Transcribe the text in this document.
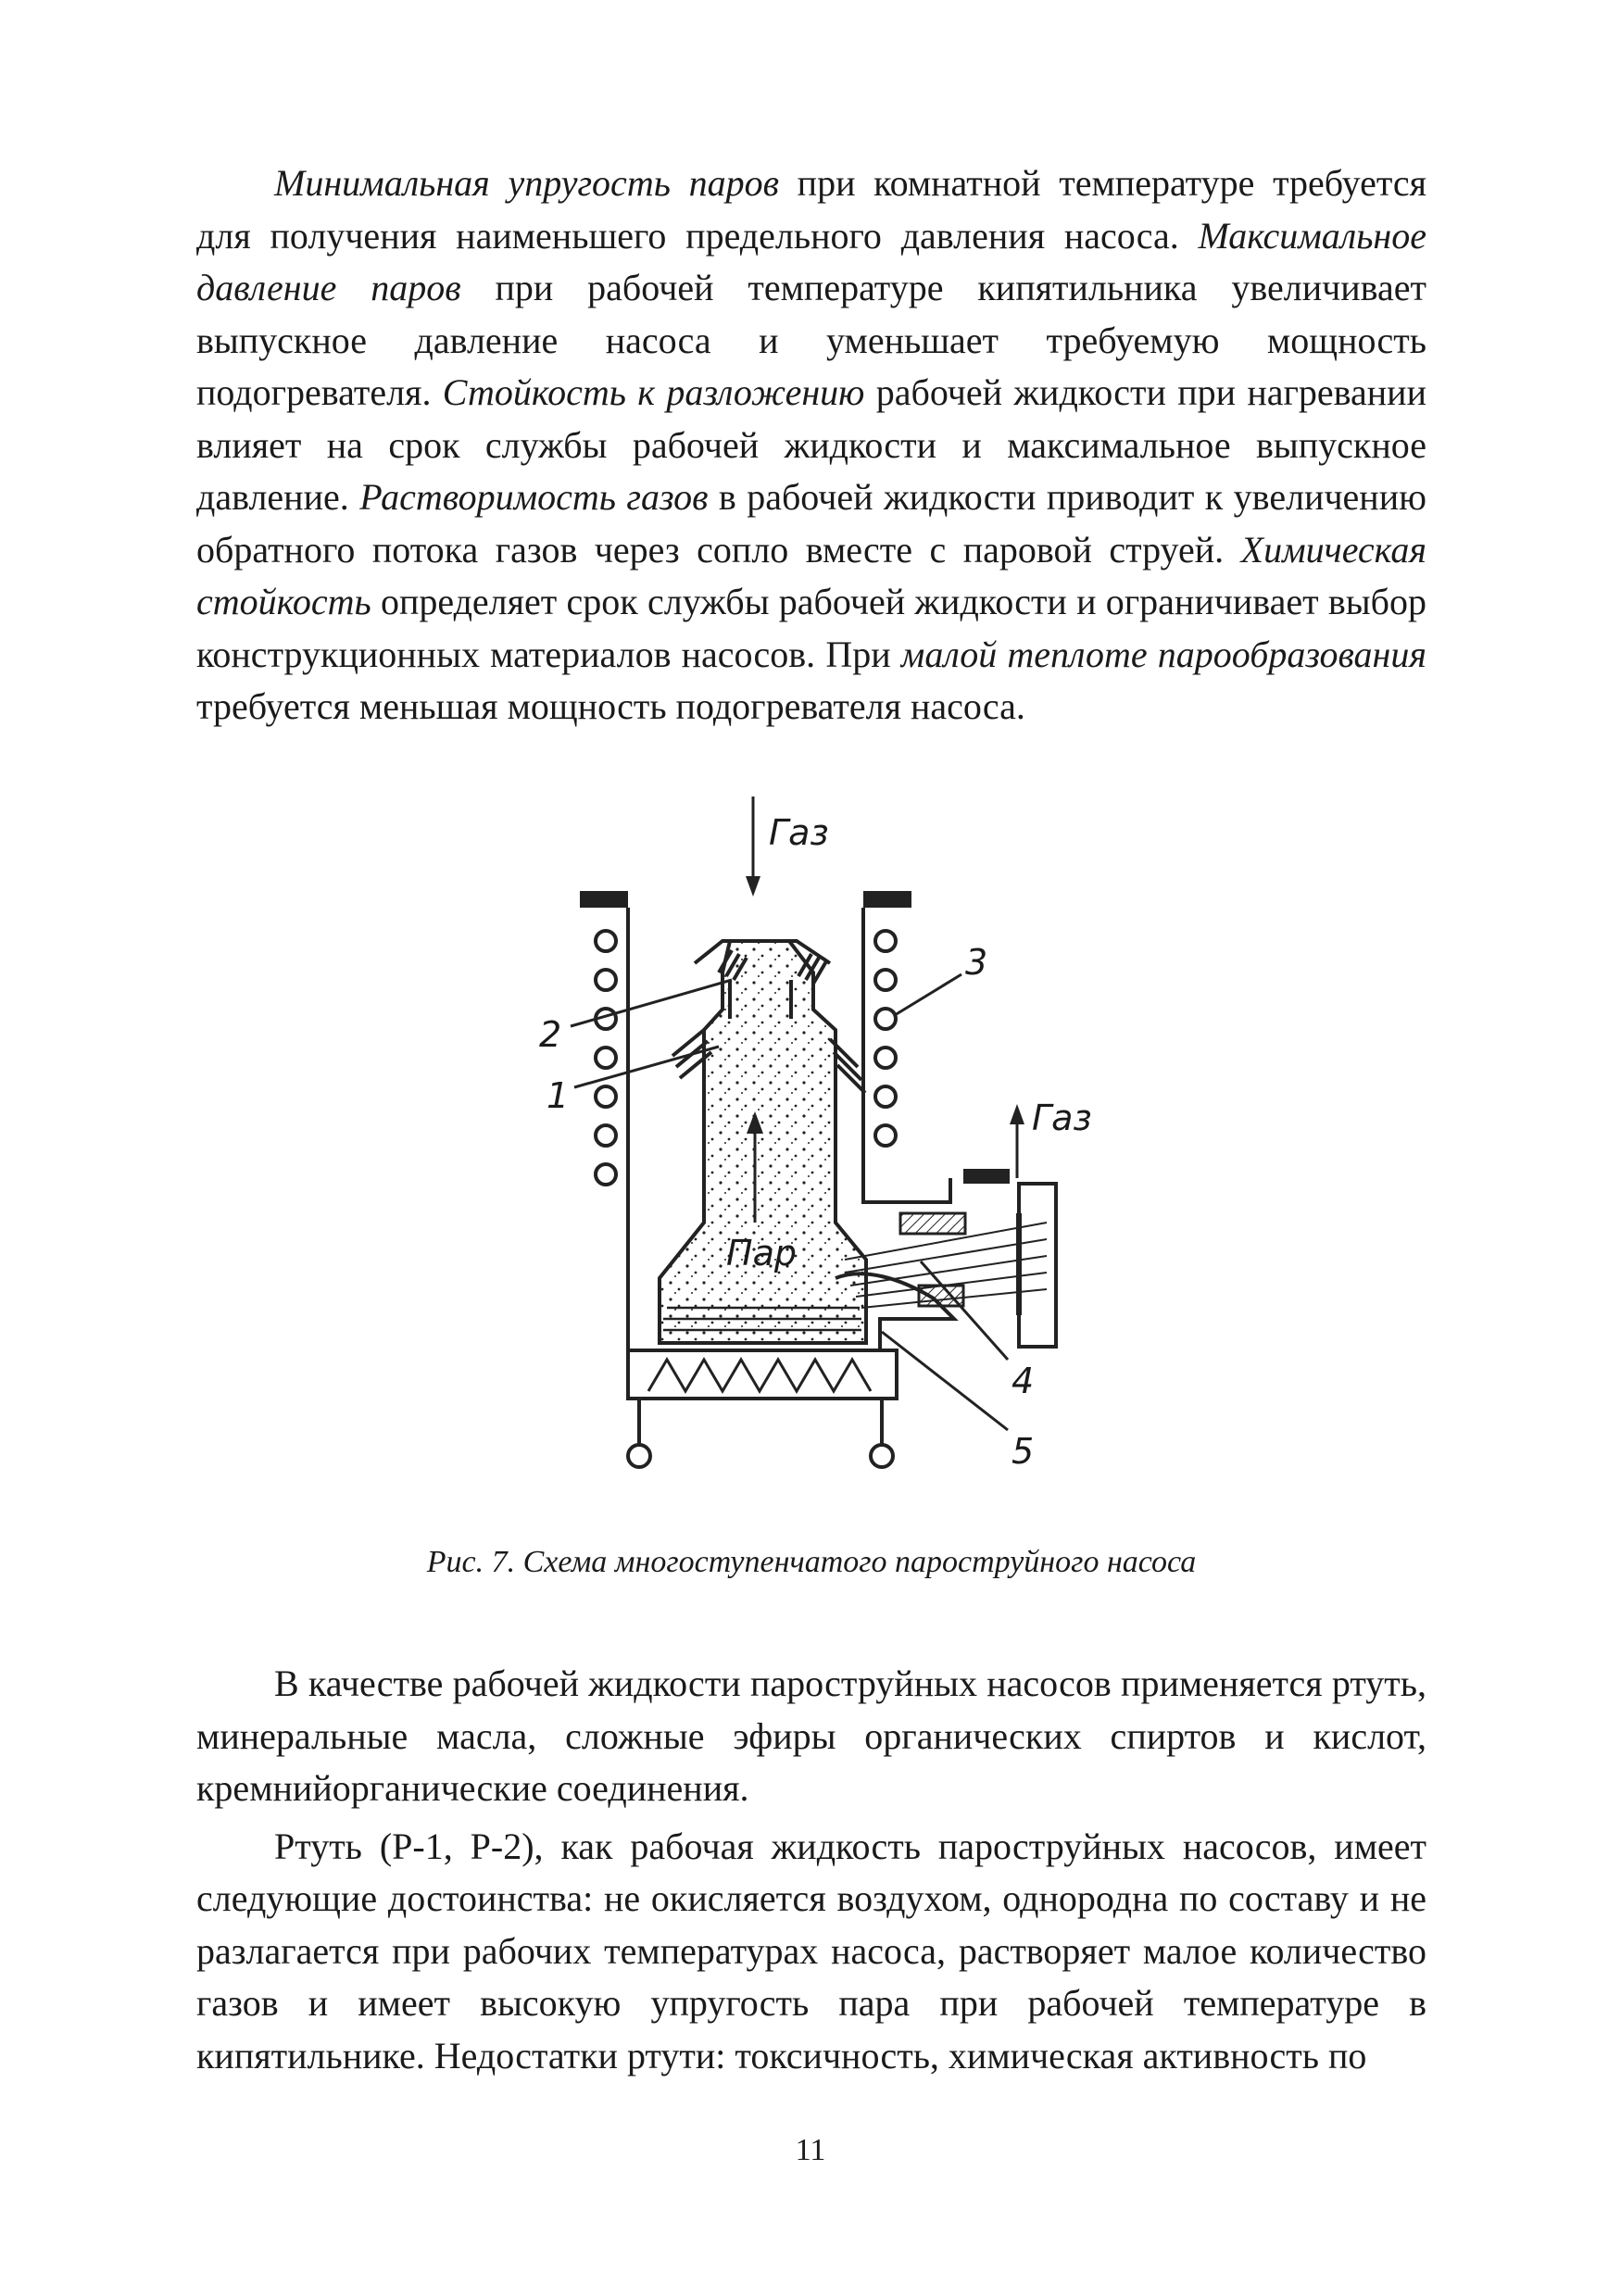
Минимальная упругость паров при комнатной температуре требуется для получения наименьшего предельного давления насоса. Максимальное давление паров при рабочей температуре кипятильника увеличивает выпускное давление насоса и уменьшает требуемую мощность подогревателя. Стойкость к разложению рабочей жидкости при нагревании влияет на срок службы рабочей жидкости и максимальное выпускное давление. Растворимость газов в рабочей жидкости приводит к увеличению обратного потока газов через сопло вместе с паровой струей. Химическая стойкость определяет срок службы рабочей жидкости и ограничивает выбор конструкционных материалов насосов. При малой теплоте парообразования требуется меньшая мощность подогревателя насоса.

Газ
Пар
Газ
2
1
3
4
5
Рис. 7. Схема многоступенчатого пароструйного насоса

В качестве рабочей жидкости пароструйных насосов применяется ртуть, минеральные масла, сложные эфиры органических спиртов и кислот, кремнийорганические соединения.

Ртуть (Р-1, Р-2), как рабочая жидкость пароструйных насосов, имеет следующие достоинства: не окисляется воздухом, однородна по составу и не разлагается при рабочих температурах насоса, растворяет малое количество газов и имеет высокую упругость пара при рабочей температуре в кипятильнике. Недостатки ртути: токсичность, химическая активность по

11
